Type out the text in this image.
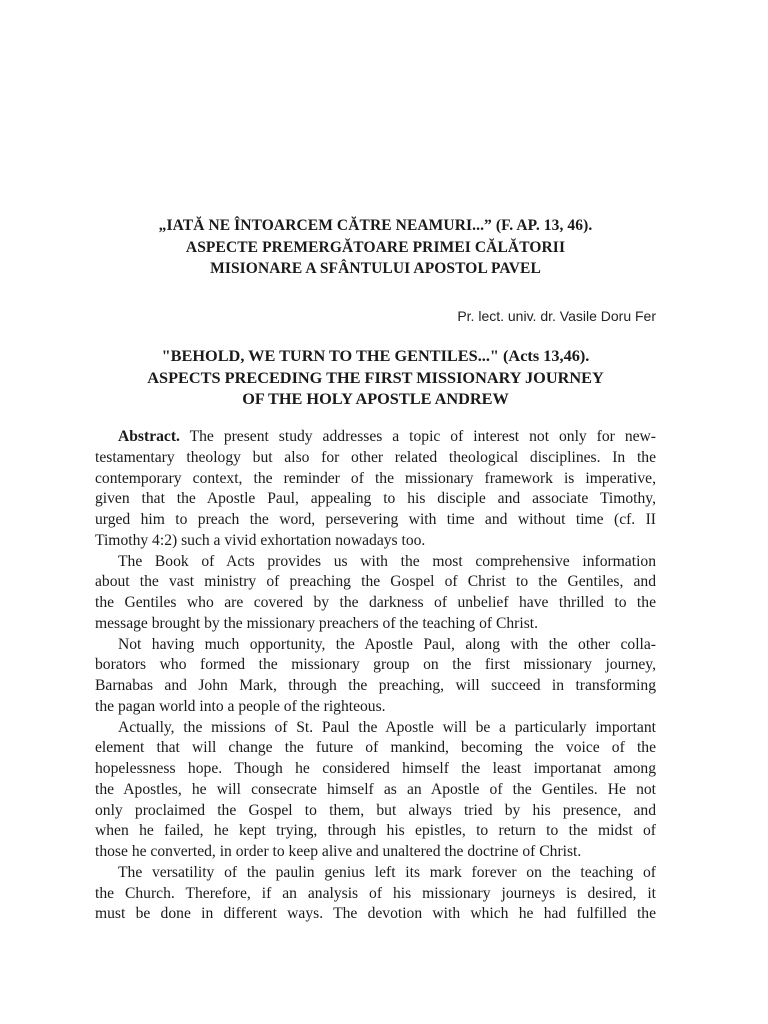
„IATĂ NE ÎNTOARCEM CĂTRE NEAMURI...” (F. AP. 13, 46).
ASPECTE PREMERGĂTOARE PRIMEI CĂLĂTORII
MISIONARE A SFÂNTULUI APOSTOL PAVEL
Pr. lect. univ. dr. Vasile Doru Fer
"BEHOLD, WE TURN TO THE GENTILES..." (Acts 13,46).
ASPECTS PRECEDING THE FIRST MISSIONARY JOURNEY
OF THE HOLY APOSTLE ANDREW
Abstract. The present study addresses a topic of interest not only for new-
testamentary theology but also for other related theological disciplines. In the
contemporary context, the reminder of the missionary framework is imperative,
given that the Apostle Paul, appealing to his disciple and associate Timothy,
urged him to preach the word, persevering with time and without time (cf. II
Timothy 4:2) such a vivid exhortation nowadays too.
The Book of Acts provides us with the most comprehensive information
about the vast ministry of preaching the Gospel of Christ to the Gentiles, and
the Gentiles who are covered by the darkness of unbelief have thrilled to the
message brought by the missionary preachers of the teaching of Christ.
Not having much opportunity, the Apostle Paul, along with the other colla-
borators who formed the missionary group on the first missionary journey,
Barnabas and John Mark, through the preaching, will succeed in transforming
the pagan world into a people of the righteous.
Actually, the missions of St. Paul the Apostle will be a particularly important
element that will change the future of mankind, becoming the voice of the
hopelessness hope. Though he considered himself the least importanat among
the Apostles, he will consecrate himself as an Apostle of the Gentiles. He not
only proclaimed the Gospel to them, but always tried by his presence, and
when he failed, he kept trying, through his epistles, to return to the midst of
those he converted, in order to keep alive and unaltered the doctrine of Christ.
The versatility of the paulin genius left its mark forever on the teaching of
the Church. Therefore, if an analysis of his missionary journeys is desired, it
must be done in different ways. The devotion with which he had fulfilled the
